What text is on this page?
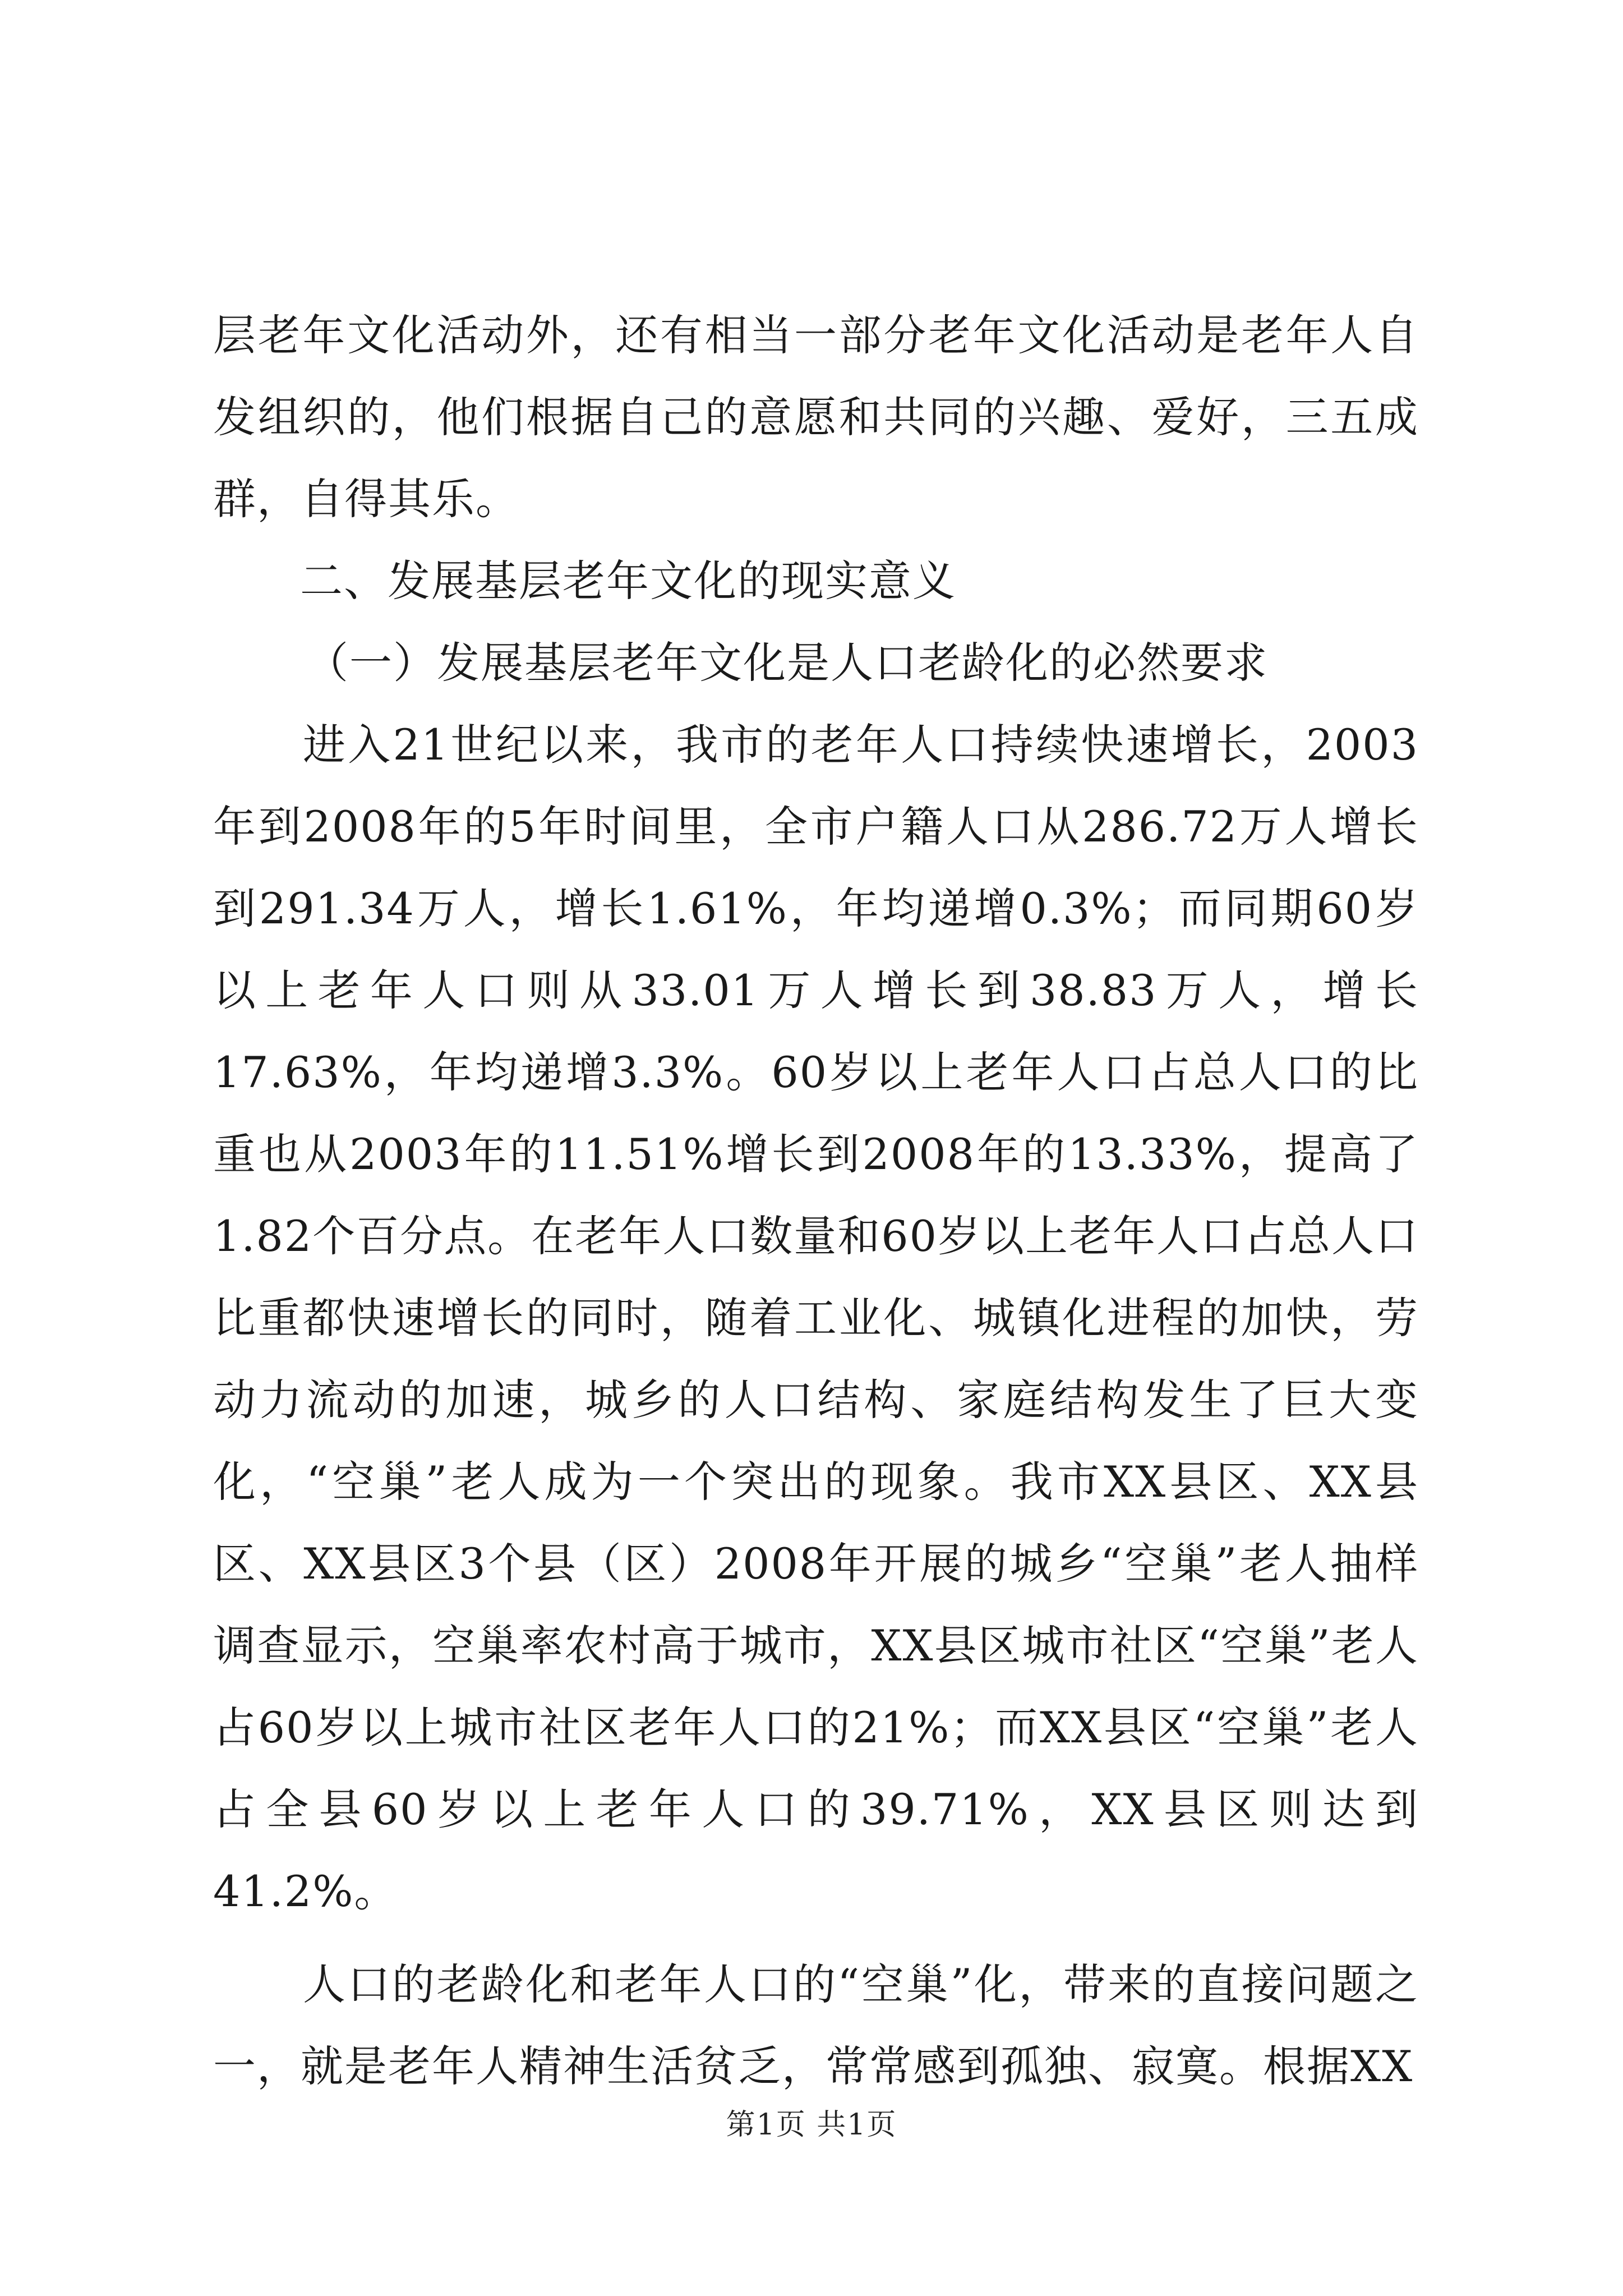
层老年文化活动外，还有相当一部分老年文化活动是老年人自发组织的，他们根据自己的意愿和共同的兴趣、爱好，三五成群，自得其乐。

二、发展基层老年文化的现实意义

（一）发展基层老年文化是人口老龄化的必然要求

进入21世纪以来，我市的老年人口持续快速增长，2003年到2008年的5年时间里，全市户籍人口从286.72万人增长到291.34万人，增长1.61%，年均递增0.3%；而同期60岁以上老年人口则从33.01万人增长到38.83万人，增长17.63%，年均递增3.3%。60岁以上老年人口占总人口的比重也从2003年的11.51%增长到2008年的13.33%，提高了1.82个百分点。在老年人口数量和60岁以上老年人口占总人口比重都快速增长的同时，随着工业化、城镇化进程的加快，劳动力流动的加速，城乡的人口结构、家庭结构发生了巨大变化，“空巢”老人成为一个突出的现象。我市XX县区、XX县区、XX县区3个县（区）2008年开展的城乡“空巢”老人抽样调查显示，空巢率农村高于城市，XX县区城市社区“空巢”老人占60岁以上城市社区老年人口的21%；而XX县区“空巢”老人占全县60岁以上老年人口的39.71%，XX县区则达到41.2%。

人口的老龄化和老年人口的“空巢”化，带来的直接问题之一，就是老年人精神生活贫乏，常常感到孤独、寂寞。根据XX

第1页 共1页
